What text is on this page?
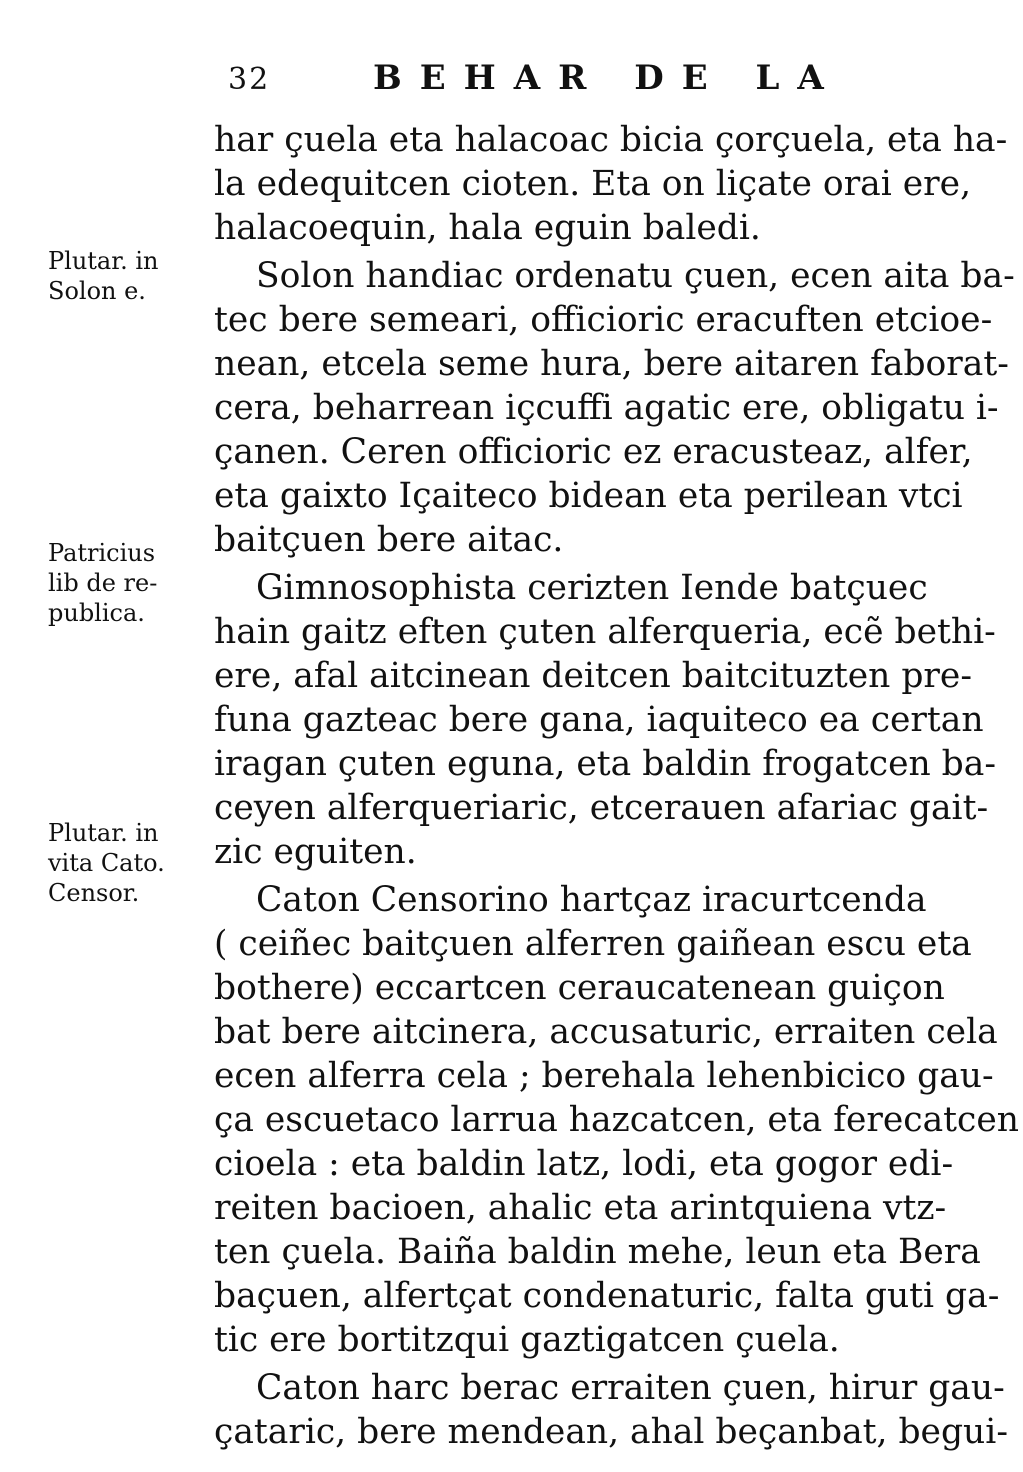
32	BEHAR DE LA
har çuela eta halacoac bicia çorçuela, eta ha-
la edequitcen cioten. Eta on liçate orai ere,
halacoequin, hala eguin baledi.
Solon handiac ordenatu çuen, ecen aita ba-
tec bere semeari, officioric eracuften etcioe-
nean, etcela seme hura, bere aitaren faborat-
cera, beharrean içcuffi agatic ere, obligatu i-
çanen. Ceren officioric ez eracusteaz, alfer,
eta gaixto Içaiteco bidean eta perilean vtci
baitçuen bere aitac.
Gimnosophista cerizten Iende batçuec
hain gaitz eften çuten alferqueria, ecẽ bethi-
ere, afal aitcinean deitcen baitcituzten pre-
funa gazteac bere gana, iaquiteco ea certan
iragan çuten eguna, eta baldin frogatcen ba-
ceyen alferqueriaric, etcerauen afariac gait-
zic eguiten.
Caton Censorino hartçaz iracurtcenda
( ceiñec baitçuen alferren gaiñean escu eta
bothere) eccartcen ceraucatenean guiçon
bat bere aitcinera, accusaturic, erraiten cela
ecen alferra cela ; berehala lehenbicico gau-
ça escuetaco larrua hazcatcen, eta ferecatcen
cioela : eta baldin latz, lodi, eta gogor edi-
reiten bacioen, ahalic eta arintquiena vtz-
ten çuela. Baiña baldin mehe, leun eta Bera
baçuen, alfertçat condenaturic, falta guti ga-
tic ere bortitzqui gaztigatcen çuela.
Caton harc berac erraiten çuen, hirur gau-
çataric, bere mendean, ahal beçanbat, begui-
Plutar. in
Solon e.
Patricius
lib de re-
publica.
Plutar. in
vita Cato.
Censor.
